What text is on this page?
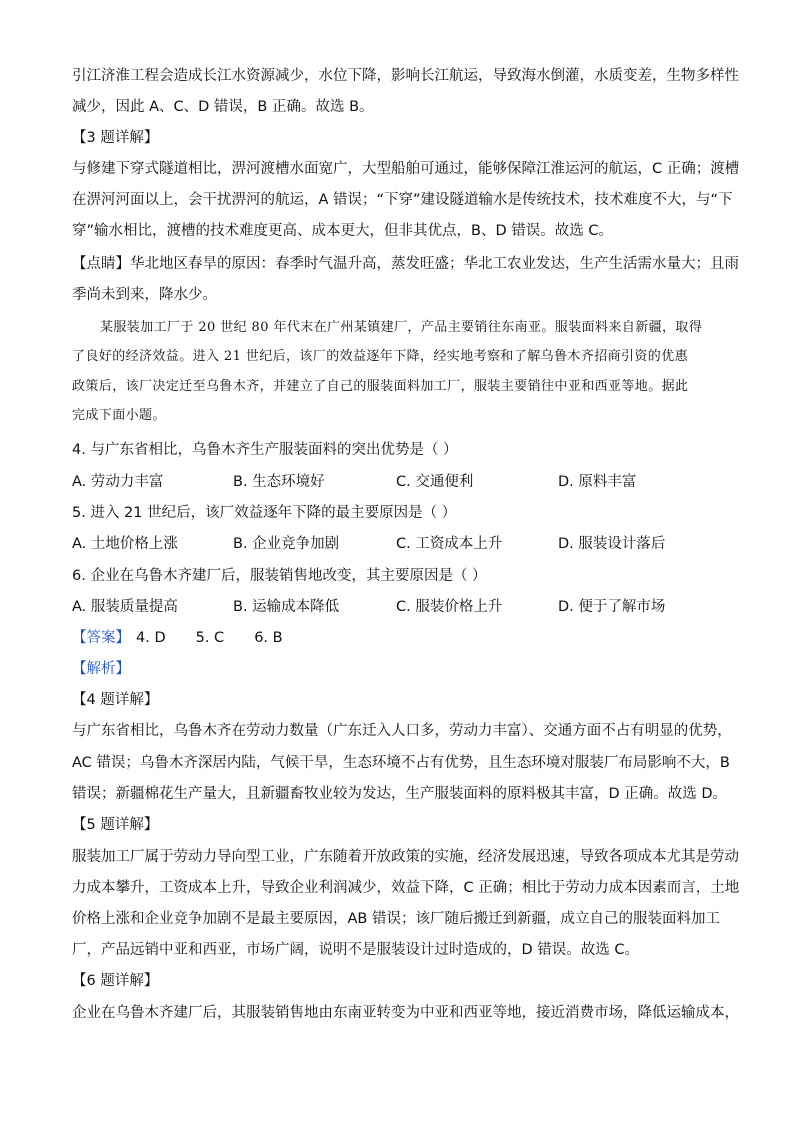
引江济淮工程会造成长江水资源减少，水位下降，影响长江航运，导致海水倒灌，水质变差，生物多样性
减少，因此 A、C、D 错误，B 正确。故选 B。
【3 题详解】
与修建下穿式隧道相比，淠河渡槽水面宽广，大型船舶可通过，能够保障江淮运河的航运，C 正确；渡槽
在淠河河面以上，会干扰淠河的航运，A 错误；“下穿”建设隧道输水是传统技术，技术难度不大，与“下
穿”输水相比，渡槽的技术难度更高、成本更大，但非其优点，B、D 错误。故选 C。
【点睛】华北地区春旱的原因：春季时气温升高，蒸发旺盛；华北工农业发达，生产生活需水量大；且雨
季尚未到来，降水少。
某服装加工厂于 20 世纪 80 年代末在广州某镇建厂，产品主要销往东南亚。服装面料来自新疆，取得
了良好的经济效益。进入 21 世纪后，该厂的效益逐年下降，经实地考察和了解乌鲁木齐招商引资的优惠
政策后，该厂决定迁至乌鲁木齐，并建立了自己的服装面料加工厂，服装主要销往中亚和西亚等地。据此
完成下面小题。
4. 与广东省相比，乌鲁木齐生产服装面料的突出优势是（ ）
A. 劳动力丰富	B. 生态环境好	C. 交通便利	D. 原料丰富
5. 进入 21 世纪后，该厂效益逐年下降的最主要原因是（ ）
A. 土地价格上涨	B. 企业竞争加剧	C. 工资成本上升	D. 服装设计落后
6. 企业在乌鲁木齐建厂后，服装销售地改变，其主要原因是（ ）
A. 服装质量提高	B. 运输成本降低	C. 服装价格上升	D. 便于了解市场
【答案】 4. D 5. C 6. B
【解析】
【4 题详解】
与广东省相比，乌鲁木齐在劳动力数量（广东迁入人口多，劳动力丰富）、交通方面不占有明显的优势，
AC 错误；乌鲁木齐深居内陆，气候干旱，生态环境不占有优势，且生态环境对服装厂布局影响不大，B
错误；新疆棉花生产量大，且新疆畜牧业较为发达，生产服装面料的原料极其丰富，D 正确。故选 D。
【5 题详解】
服装加工厂属于劳动力导向型工业，广东随着开放政策的实施，经济发展迅速，导致各项成本尤其是劳动
力成本攀升，工资成本上升，导致企业利润减少，效益下降，C 正确；相比于劳动力成本因素而言，土地
价格上涨和企业竞争加剧不是最主要原因，AB 错误；该厂随后搬迁到新疆，成立自己的服装面料加工
厂，产品远销中亚和西亚，市场广阔，说明不是服装设计过时造成的，D 错误。故选 C。
【6 题详解】
企业在乌鲁木齐建厂后，其服装销售地由东南亚转变为中亚和西亚等地，接近消费市场，降低运输成本，
